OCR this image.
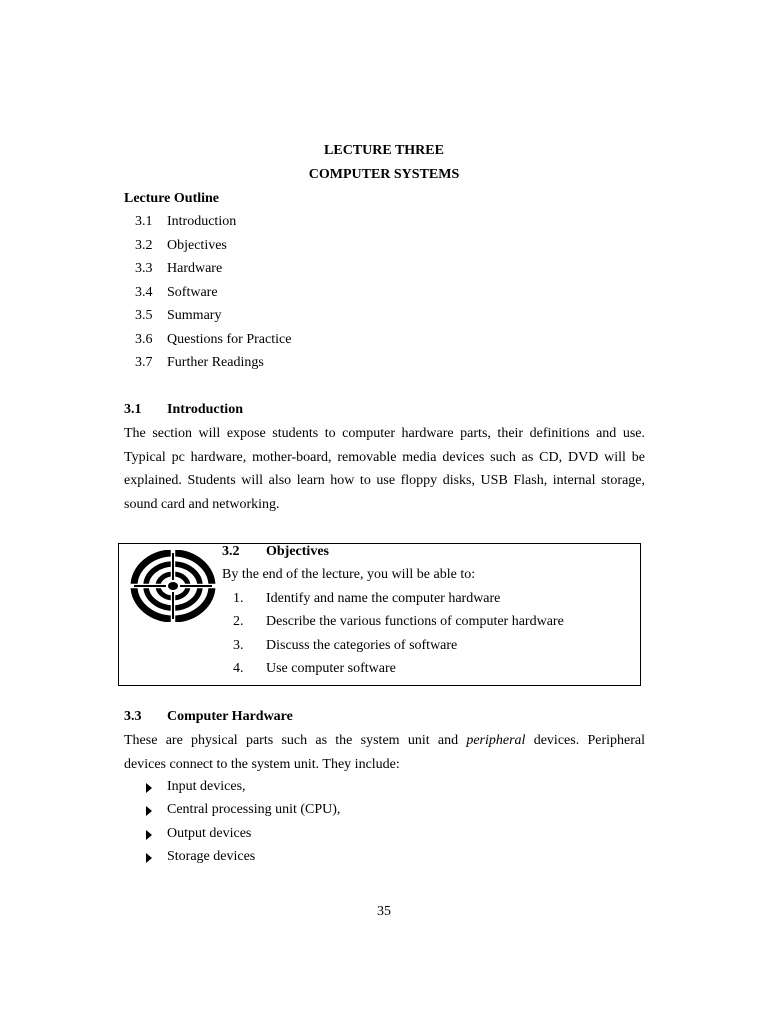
LECTURE THREE
COMPUTER SYSTEMS
Lecture Outline
3.1 Introduction
3.2 Objectives
3.3 Hardware
3.4 Software
3.5 Summary
3.6 Questions for Practice
3.7 Further Readings
3.1 Introduction
The section will expose students to computer hardware parts, their definitions and use.
Typical pc hardware, mother-board, removable media devices such as CD, DVD will be
explained. Students will also learn how to use floppy disks, USB Flash, internal storage,
sound card and networking.
3.2 Objectives
By the end of the lecture, you will be able to:
1. Identify and name the computer hardware
2. Describe the various functions of computer hardware
3. Discuss the categories of software
4. Use computer software
3.3 Computer Hardware
These are physical parts such as the system unit and peripheral devices. Peripheral
devices connect to the system unit. They include:
Input devices,
Central processing unit (CPU),
Output devices
Storage devices
35
